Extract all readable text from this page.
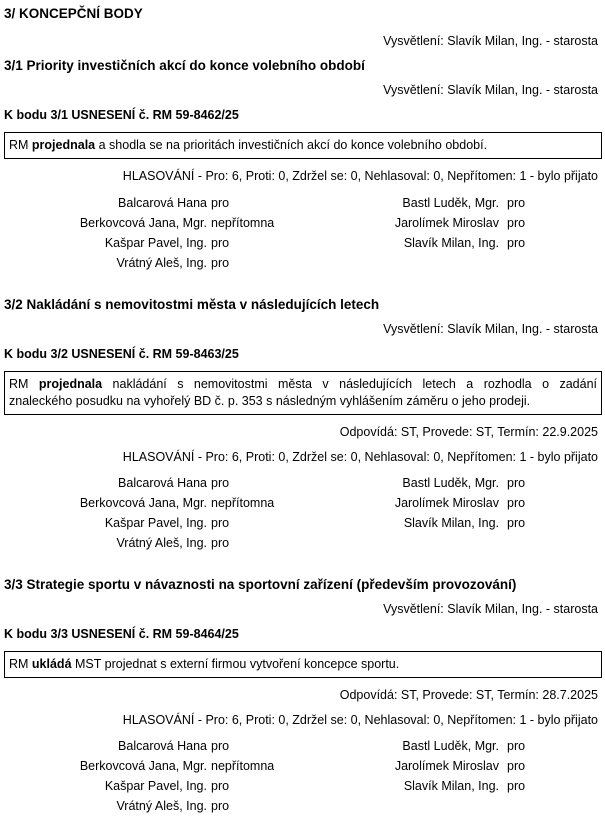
3/ KONCEPČNÍ BODY
Vysvětlení: Slavík Milan, Ing. - starosta
3/1 Priority investičních akcí do konce volebního období
Vysvětlení: Slavík Milan, Ing. - starosta
K bodu 3/1 USNESENÍ č. RM 59-8462/25
RM projednala a shodla se na prioritách investičních akcí do konce volebního období.
HLASOVÁNÍ - Pro: 6, Proti: 0, Zdržel se: 0, Nehlasoval: 0, Nepřítomen: 1 - bylo přijato
Balcarová Hana pro
Berkovcová Jana, Mgr. nepřítomna
Kašpar Pavel, Ing. pro
Vrátný Aleš, Ing. pro
Bastl Luděk, Mgr. pro
Jarolímek Miroslav pro
Slavík Milan, Ing. pro
3/2 Nakládání s nemovitostmi města v následujících letech
Vysvětlení: Slavík Milan, Ing. - starosta
K bodu 3/2 USNESENÍ č. RM 59-8463/25
RM projednala nakládání s nemovitostmi města v následujících letech a rozhodla o zadání
znaleckého posudku na vyhořelý BD č. p. 353 s následným vyhlášením záměru o jeho prodeji.
Odpovídá: ST, Provede: ST, Termín: 22.9.2025
HLASOVÁNÍ - Pro: 6, Proti: 0, Zdržel se: 0, Nehlasoval: 0, Nepřítomen: 1 - bylo přijato
Balcarová Hana pro
Berkovcová Jana, Mgr. nepřítomna
Kašpar Pavel, Ing. pro
Vrátný Aleš, Ing. pro
Bastl Luděk, Mgr. pro
Jarolímek Miroslav pro
Slavík Milan, Ing. pro
3/3 Strategie sportu v návaznosti na sportovní zařízení (především provozování)
Vysvětlení: Slavík Milan, Ing. - starosta
K bodu 3/3 USNESENÍ č. RM 59-8464/25
RM ukládá MST projednat s externí firmou vytvoření koncepce sportu.
Odpovídá: ST, Provede: ST, Termín: 28.7.2025
HLASOVÁNÍ - Pro: 6, Proti: 0, Zdržel se: 0, Nehlasoval: 0, Nepřítomen: 1 - bylo přijato
Balcarová Hana pro
Berkovcová Jana, Mgr. nepřítomna
Kašpar Pavel, Ing. pro
Vrátný Aleš, Ing. pro
Bastl Luděk, Mgr. pro
Jarolímek Miroslav pro
Slavík Milan, Ing. pro
